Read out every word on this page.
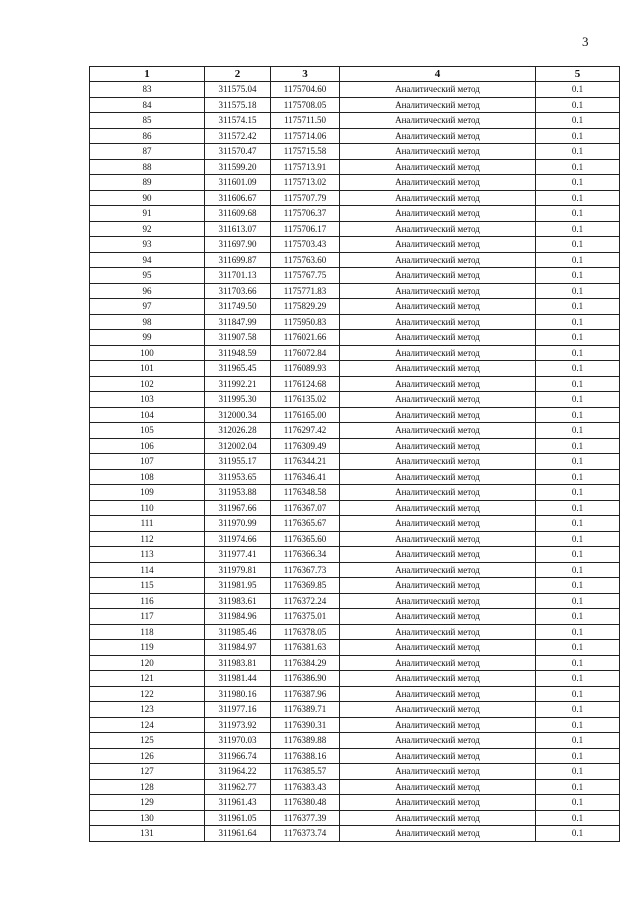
3
1	2	3	4	5
83	311575.04	1175704.60	Аналитический метод	0.1
84	311575.18	1175708.05	Аналитический метод	0.1
85	311574.15	1175711.50	Аналитический метод	0.1
86	311572.42	1175714.06	Аналитический метод	0.1
87	311570.47	1175715.58	Аналитический метод	0.1
88	311599.20	1175713.91	Аналитический метод	0.1
89	311601.09	1175713.02	Аналитический метод	0.1
90	311606.67	1175707.79	Аналитический метод	0.1
91	311609.68	1175706.37	Аналитический метод	0.1
92	311613.07	1175706.17	Аналитический метод	0.1
93	311697.90	1175703.43	Аналитический метод	0.1
94	311699.87	1175763.60	Аналитический метод	0.1
95	311701.13	1175767.75	Аналитический метод	0.1
96	311703.66	1175771.83	Аналитический метод	0.1
97	311749.50	1175829.29	Аналитический метод	0.1
98	311847.99	1175950.83	Аналитический метод	0.1
99	311907.58	1176021.66	Аналитический метод	0.1
100	311948.59	1176072.84	Аналитический метод	0.1
101	311965.45	1176089.93	Аналитический метод	0.1
102	311992.21	1176124.68	Аналитический метод	0.1
103	311995.30	1176135.02	Аналитический метод	0.1
104	312000.34	1176165.00	Аналитический метод	0.1
105	312026.28	1176297.42	Аналитический метод	0.1
106	312002.04	1176309.49	Аналитический метод	0.1
107	311955.17	1176344.21	Аналитический метод	0.1
108	311953.65	1176346.41	Аналитический метод	0.1
109	311953.88	1176348.58	Аналитический метод	0.1
110	311967.66	1176367.07	Аналитический метод	0.1
111	311970.99	1176365.67	Аналитический метод	0.1
112	311974.66	1176365.60	Аналитический метод	0.1
113	311977.41	1176366.34	Аналитический метод	0.1
114	311979.81	1176367.73	Аналитический метод	0.1
115	311981.95	1176369.85	Аналитический метод	0.1
116	311983.61	1176372.24	Аналитический метод	0.1
117	311984.96	1176375.01	Аналитический метод	0.1
118	311985.46	1176378.05	Аналитический метод	0.1
119	311984.97	1176381.63	Аналитический метод	0.1
120	311983.81	1176384.29	Аналитический метод	0.1
121	311981.44	1176386.90	Аналитический метод	0.1
122	311980.16	1176387.96	Аналитический метод	0.1
123	311977.16	1176389.71	Аналитический метод	0.1
124	311973.92	1176390.31	Аналитический метод	0.1
125	311970.03	1176389.88	Аналитический метод	0.1
126	311966.74	1176388.16	Аналитический метод	0.1
127	311964.22	1176385.57	Аналитический метод	0.1
128	311962.77	1176383.43	Аналитический метод	0.1
129	311961.43	1176380.48	Аналитический метод	0.1
130	311961.05	1176377.39	Аналитический метод	0.1
131	311961.64	1176373.74	Аналитический метод	0.1
